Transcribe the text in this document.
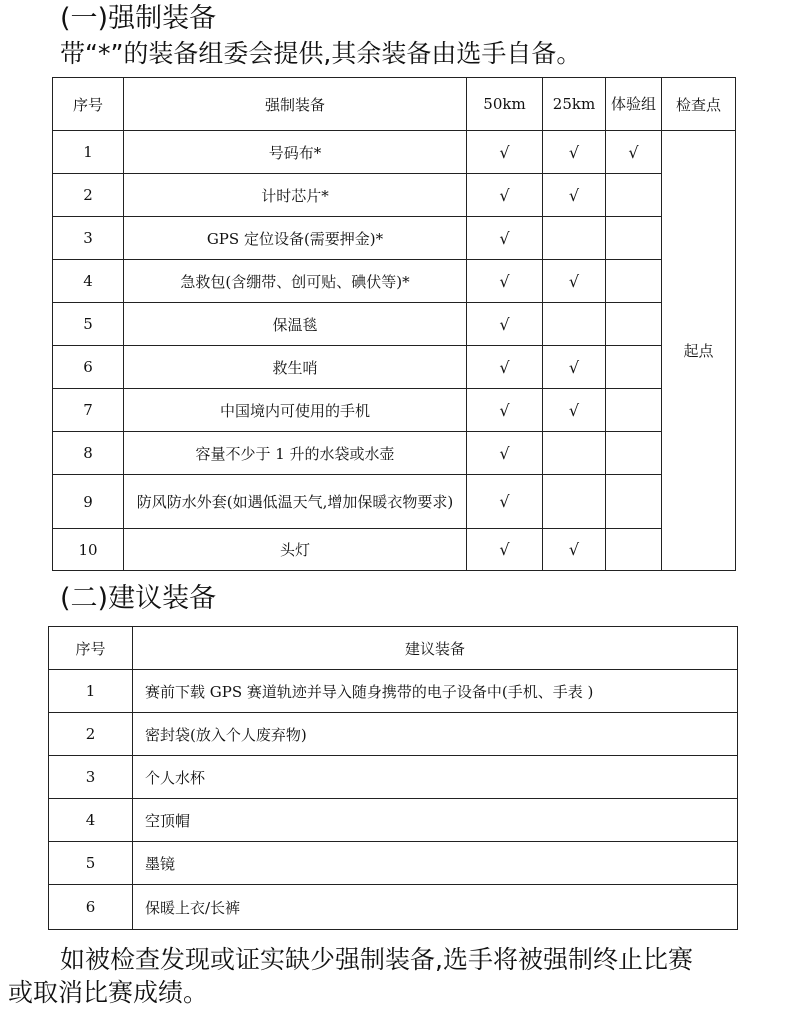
(一)强制装备
带“*”的装备组委会提供,其余装备由选手自备。
序号	强制装备	50km	25km	体验组	检查点
1	号码布*	√	√	√	起点
2	计时芯片*	√	√		
3	GPS 定位设备(需要押金)*	√			
4	急救包(含绷带、创可贴、碘伏等)*	√	√		
5	保温毯	√			
6	救生哨	√	√		
7	中国境内可使用的手机	√	√		
8	容量不少于 1 升的水袋或水壶	√			
9	防风防水外套(如遇低温天气,增加保暖衣物要求)	√			
10	头灯	√	√		
(二)建议装备
序号	建议装备
1	赛前下载 GPS 赛道轨迹并导入随身携带的电子设备中(手机、手表 )
2	密封袋(放入个人废弃物)
3	个人水杯
4	空顶帽
5	墨镜
6	保暖上衣/长裤
如被检查发现或证实缺少强制装备,选手将被强制终止比赛
或取消比赛成绩。
